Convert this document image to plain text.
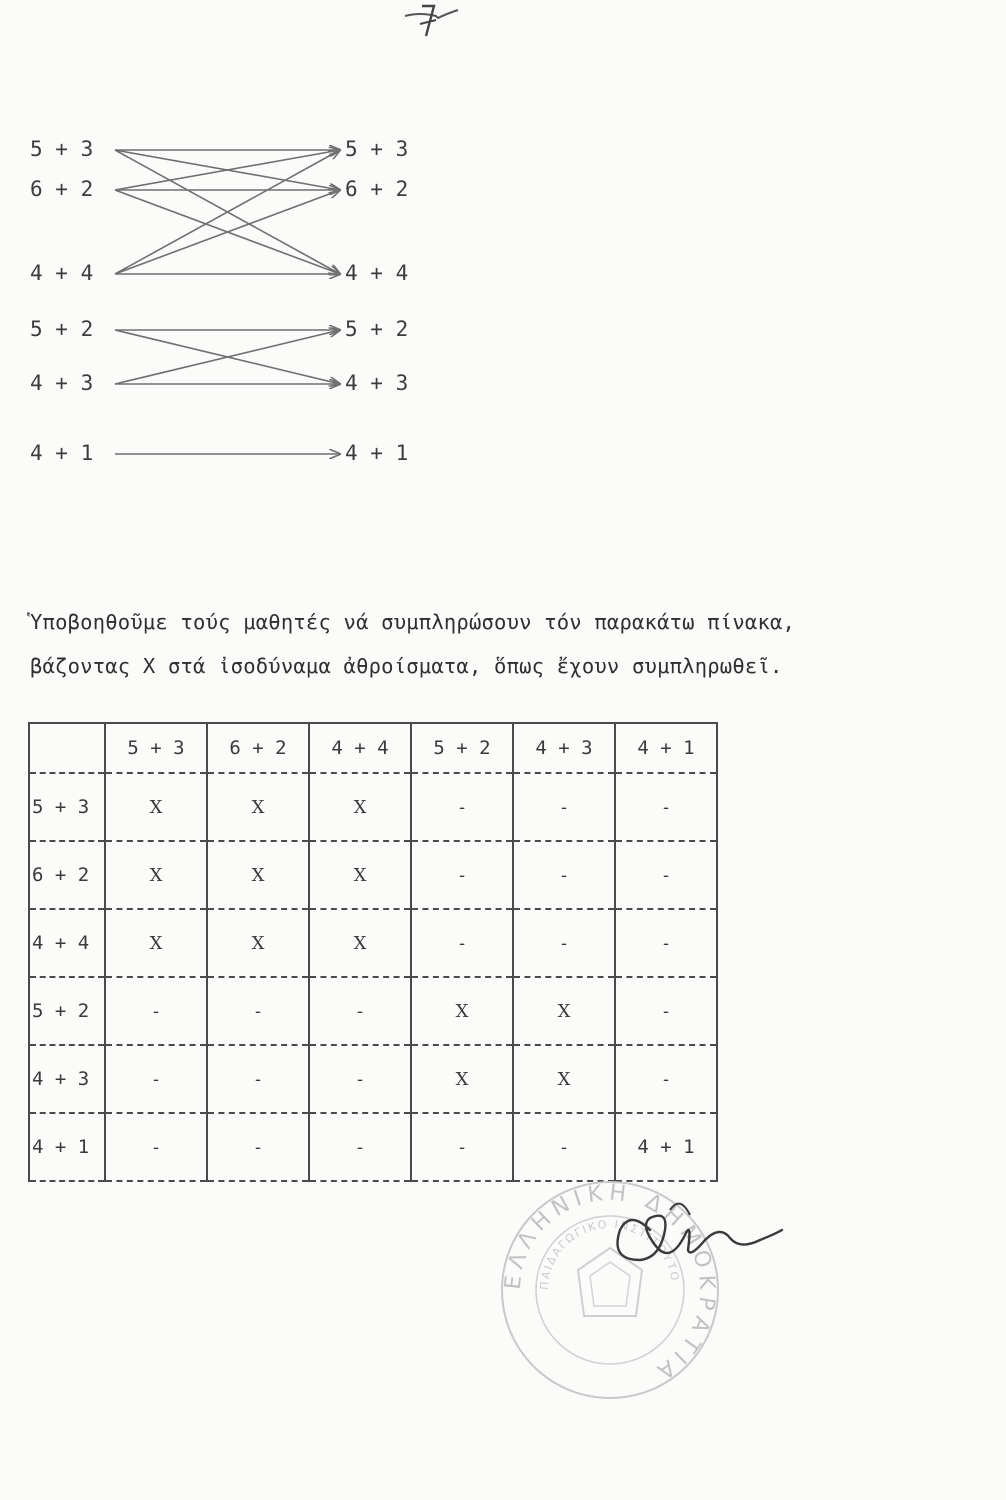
7
5 + 3
6 + 2
4 + 4
5 + 2
4 + 3
4 + 1
5 + 3
6 + 2
4 + 4
5 + 2
4 + 3
4 + 1

Ὑποβοηθοῦμε τούς μαθητές νά συμπληρώσουν τόν παρακάτω πίνακα,

βάζοντας Χ στά ἰσοδύναμα ἀθροίσματα, ὅπως ἔχουν συμπληρωθεῖ.

	5 + 3	6 + 2	4 + 4	5 + 2	4 + 3	4 + 1
5 + 3	X	X	X	-	-	-
6 + 2	X	X	X	-	-	-
4 + 4	X	X	X	-	-	-
5 + 2	-	-	-	X	X	-
4 + 3	-	-	-	X	X	-
4 + 1	-	-	-	-	-	4 + 1
ΕΛΛΗΝΙΚΗ ΔΗΜΟΚΡΑΤΙΑ
ΠΑΙΔΑΓΩΓΙΚΟ ΙΝΣΤΙΤΟΥΤΟ
